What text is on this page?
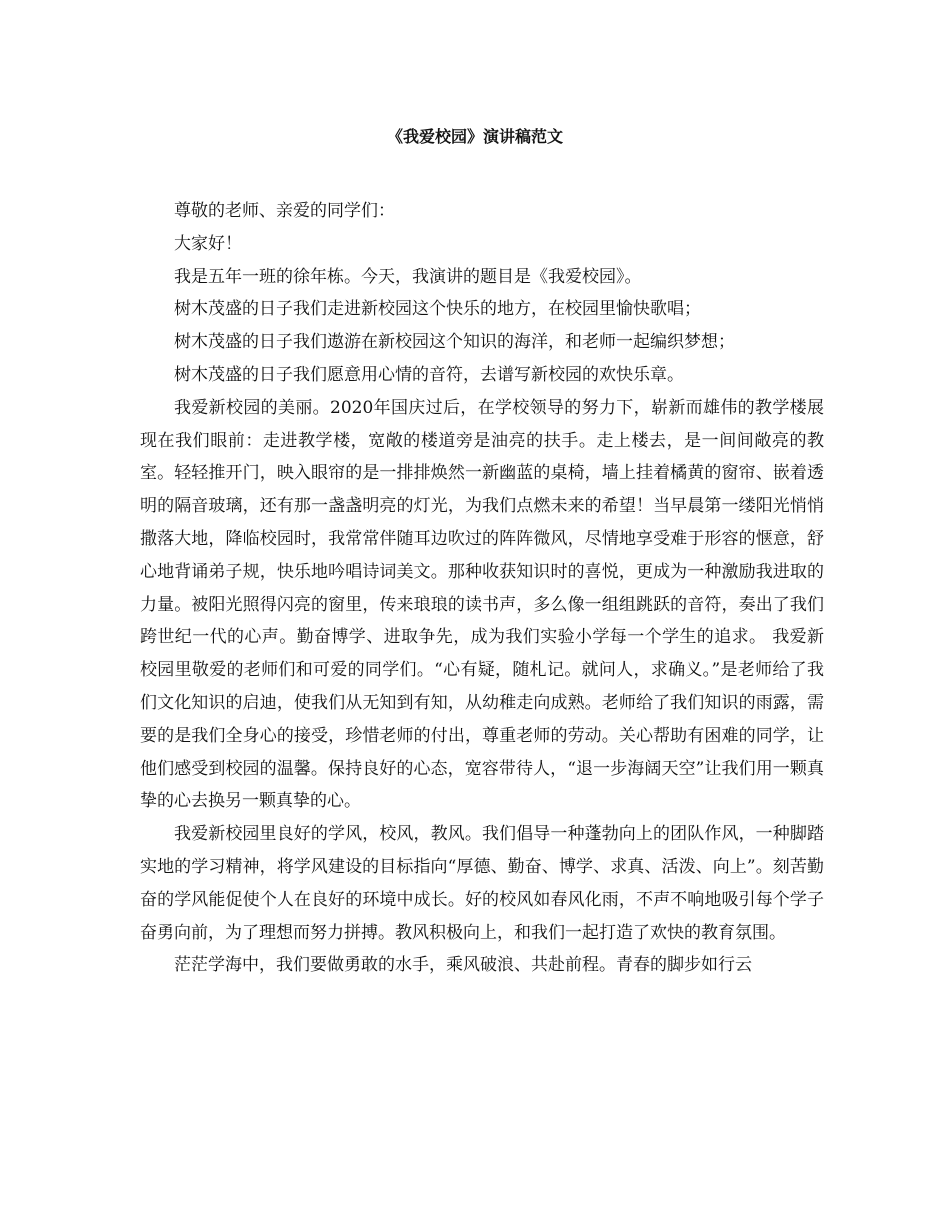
《我爱校园》演讲稿范文

尊敬的老师、亲爱的同学们：

大家好！

我是五年一班的徐年栋。今天，我演讲的题目是《我爱校园》。

树木茂盛的日子我们走进新校园这个快乐的地方，在校园里愉快歌唱；

树木茂盛的日子我们遨游在新校园这个知识的海洋，和老师一起编织梦想；

树木茂盛的日子我们愿意用心情的音符，去谱写新校园的欢快乐章。

我爱新校园的美丽。2020年国庆过后，在学校领导的努力下，崭新而雄伟的教学楼展现在我们眼前：走进教学楼，宽敞的楼道旁是油亮的扶手。走上楼去，是一间间敞亮的教室。轻轻推开门，映入眼帘的是一排排焕然一新幽蓝的桌椅，墙上挂着橘黄的窗帘、嵌着透明的隔音玻璃，还有那一盏盏明亮的灯光，为我们点燃未来的希望！当早晨第一缕阳光悄悄撒落大地，降临校园时，我常常伴随耳边吹过的阵阵微风，尽情地享受难于形容的惬意，舒心地背诵弟子规，快乐地吟唱诗词美文。那种收获知识时的喜悦，更成为一种激励我进取的力量。被阳光照得闪亮的窗里，传来琅琅的读书声，多么像一组组跳跃的音符，奏出了我们跨世纪一代的心声。勤奋博学、进取争先，成为我们实验小学每一个学生的追求。 我爱新校园里敬爱的老师们和可爱的同学们。“心有疑，随札记。就问人，求确义。”是老师给了我们文化知识的启迪，使我们从无知到有知，从幼稚走向成熟。老师给了我们知识的雨露，需要的是我们全身心的接受，珍惜老师的付出，尊重老师的劳动。关心帮助有困难的同学，让他们感受到校园的温馨。保持良好的心态，宽容带待人，“退一步海阔天空”让我们用一颗真挚的心去换另一颗真挚的心。

我爱新校园里良好的学风，校风，教风。我们倡导一种蓬勃向上的团队作风，一种脚踏实地的学习精神，将学风建设的目标指向“厚德、勤奋、博学、求真、活泼、向上”。刻苦勤奋的学风能促使个人在良好的环境中成长。好的校风如春风化雨，不声不响地吸引每个学子奋勇向前，为了理想而努力拼搏。教风积极向上，和我们一起打造了欢快的教育氛围。

茫茫学海中，我们要做勇敢的水手，乘风破浪、共赴前程。青春的脚步如行云
